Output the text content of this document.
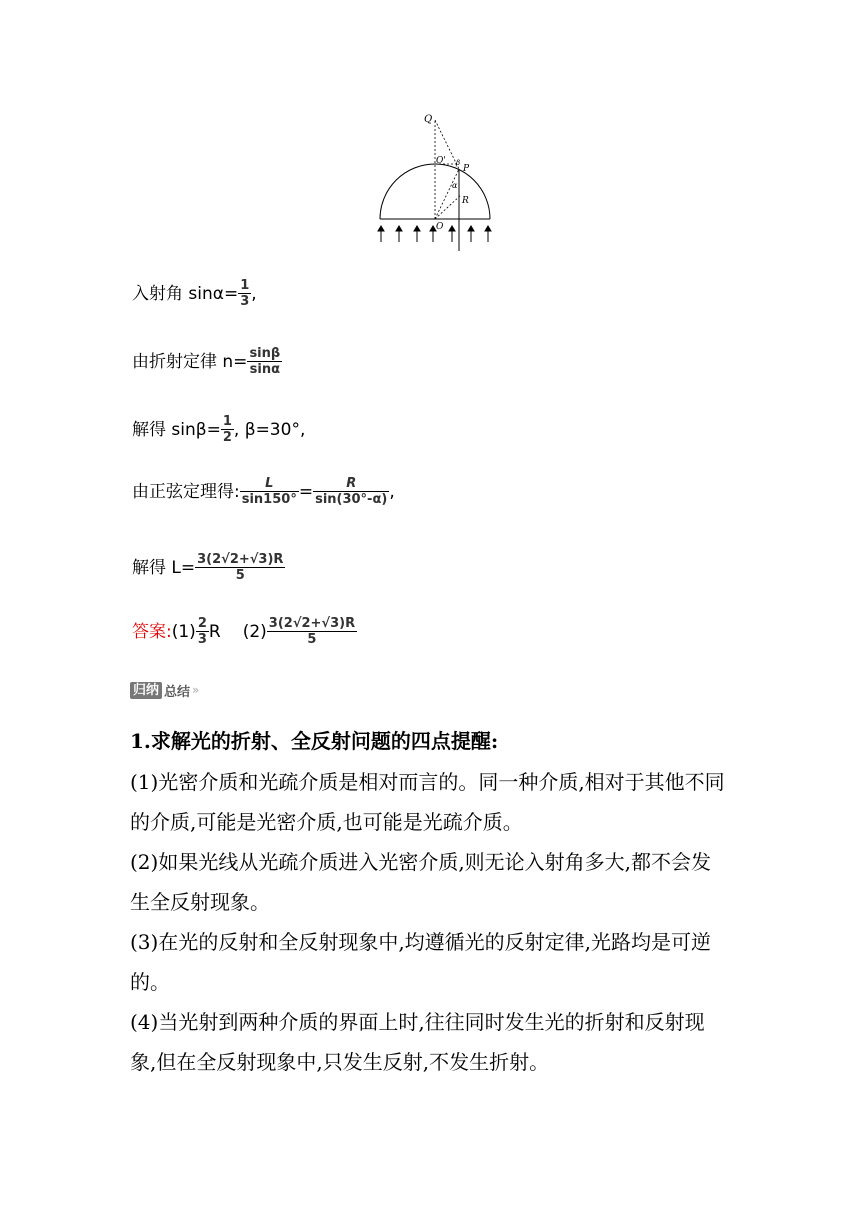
Q
O' β
P
α
R
O
入射角 $\sin\alpha= \frac{1}{3}$ ,
由折射定律 $n= \frac{\sin\beta}{\sin\alpha}$
解得 $\sin\beta= \frac{1}{2}$ , β=30°,
由正弦定理得: $\frac{L}{\sin 150^\circ} = \frac{R}{\sin(30^\circ-\alpha)}$ ,
解得 $L= \frac{3(2√2+√3)R}{5}$
答案: $(1) \frac{2}{3}$ R $(2) \frac{3(2√2+√3)R}{5}$
归纳 总结 »
1.求解光的折射、全反射问题的四点提醒:
(1)光密介质和光疏介质是相对而言的。同一种介质,相对于其他不同
的介质,可能是光密介质,也可能是光疏介质。
(2)如果光线从光疏介质进入光密介质,则无论入射角多大,都不会发
生全反射现象。
(3)在光的反射和全反射现象中,均遵循光的反射定律,光路均是可逆
的。
(4)当光射到两种介质的界面上时,往往同时发生光的折射和反射现
象,但在全反射现象中,只发生反射,不发生折射。
